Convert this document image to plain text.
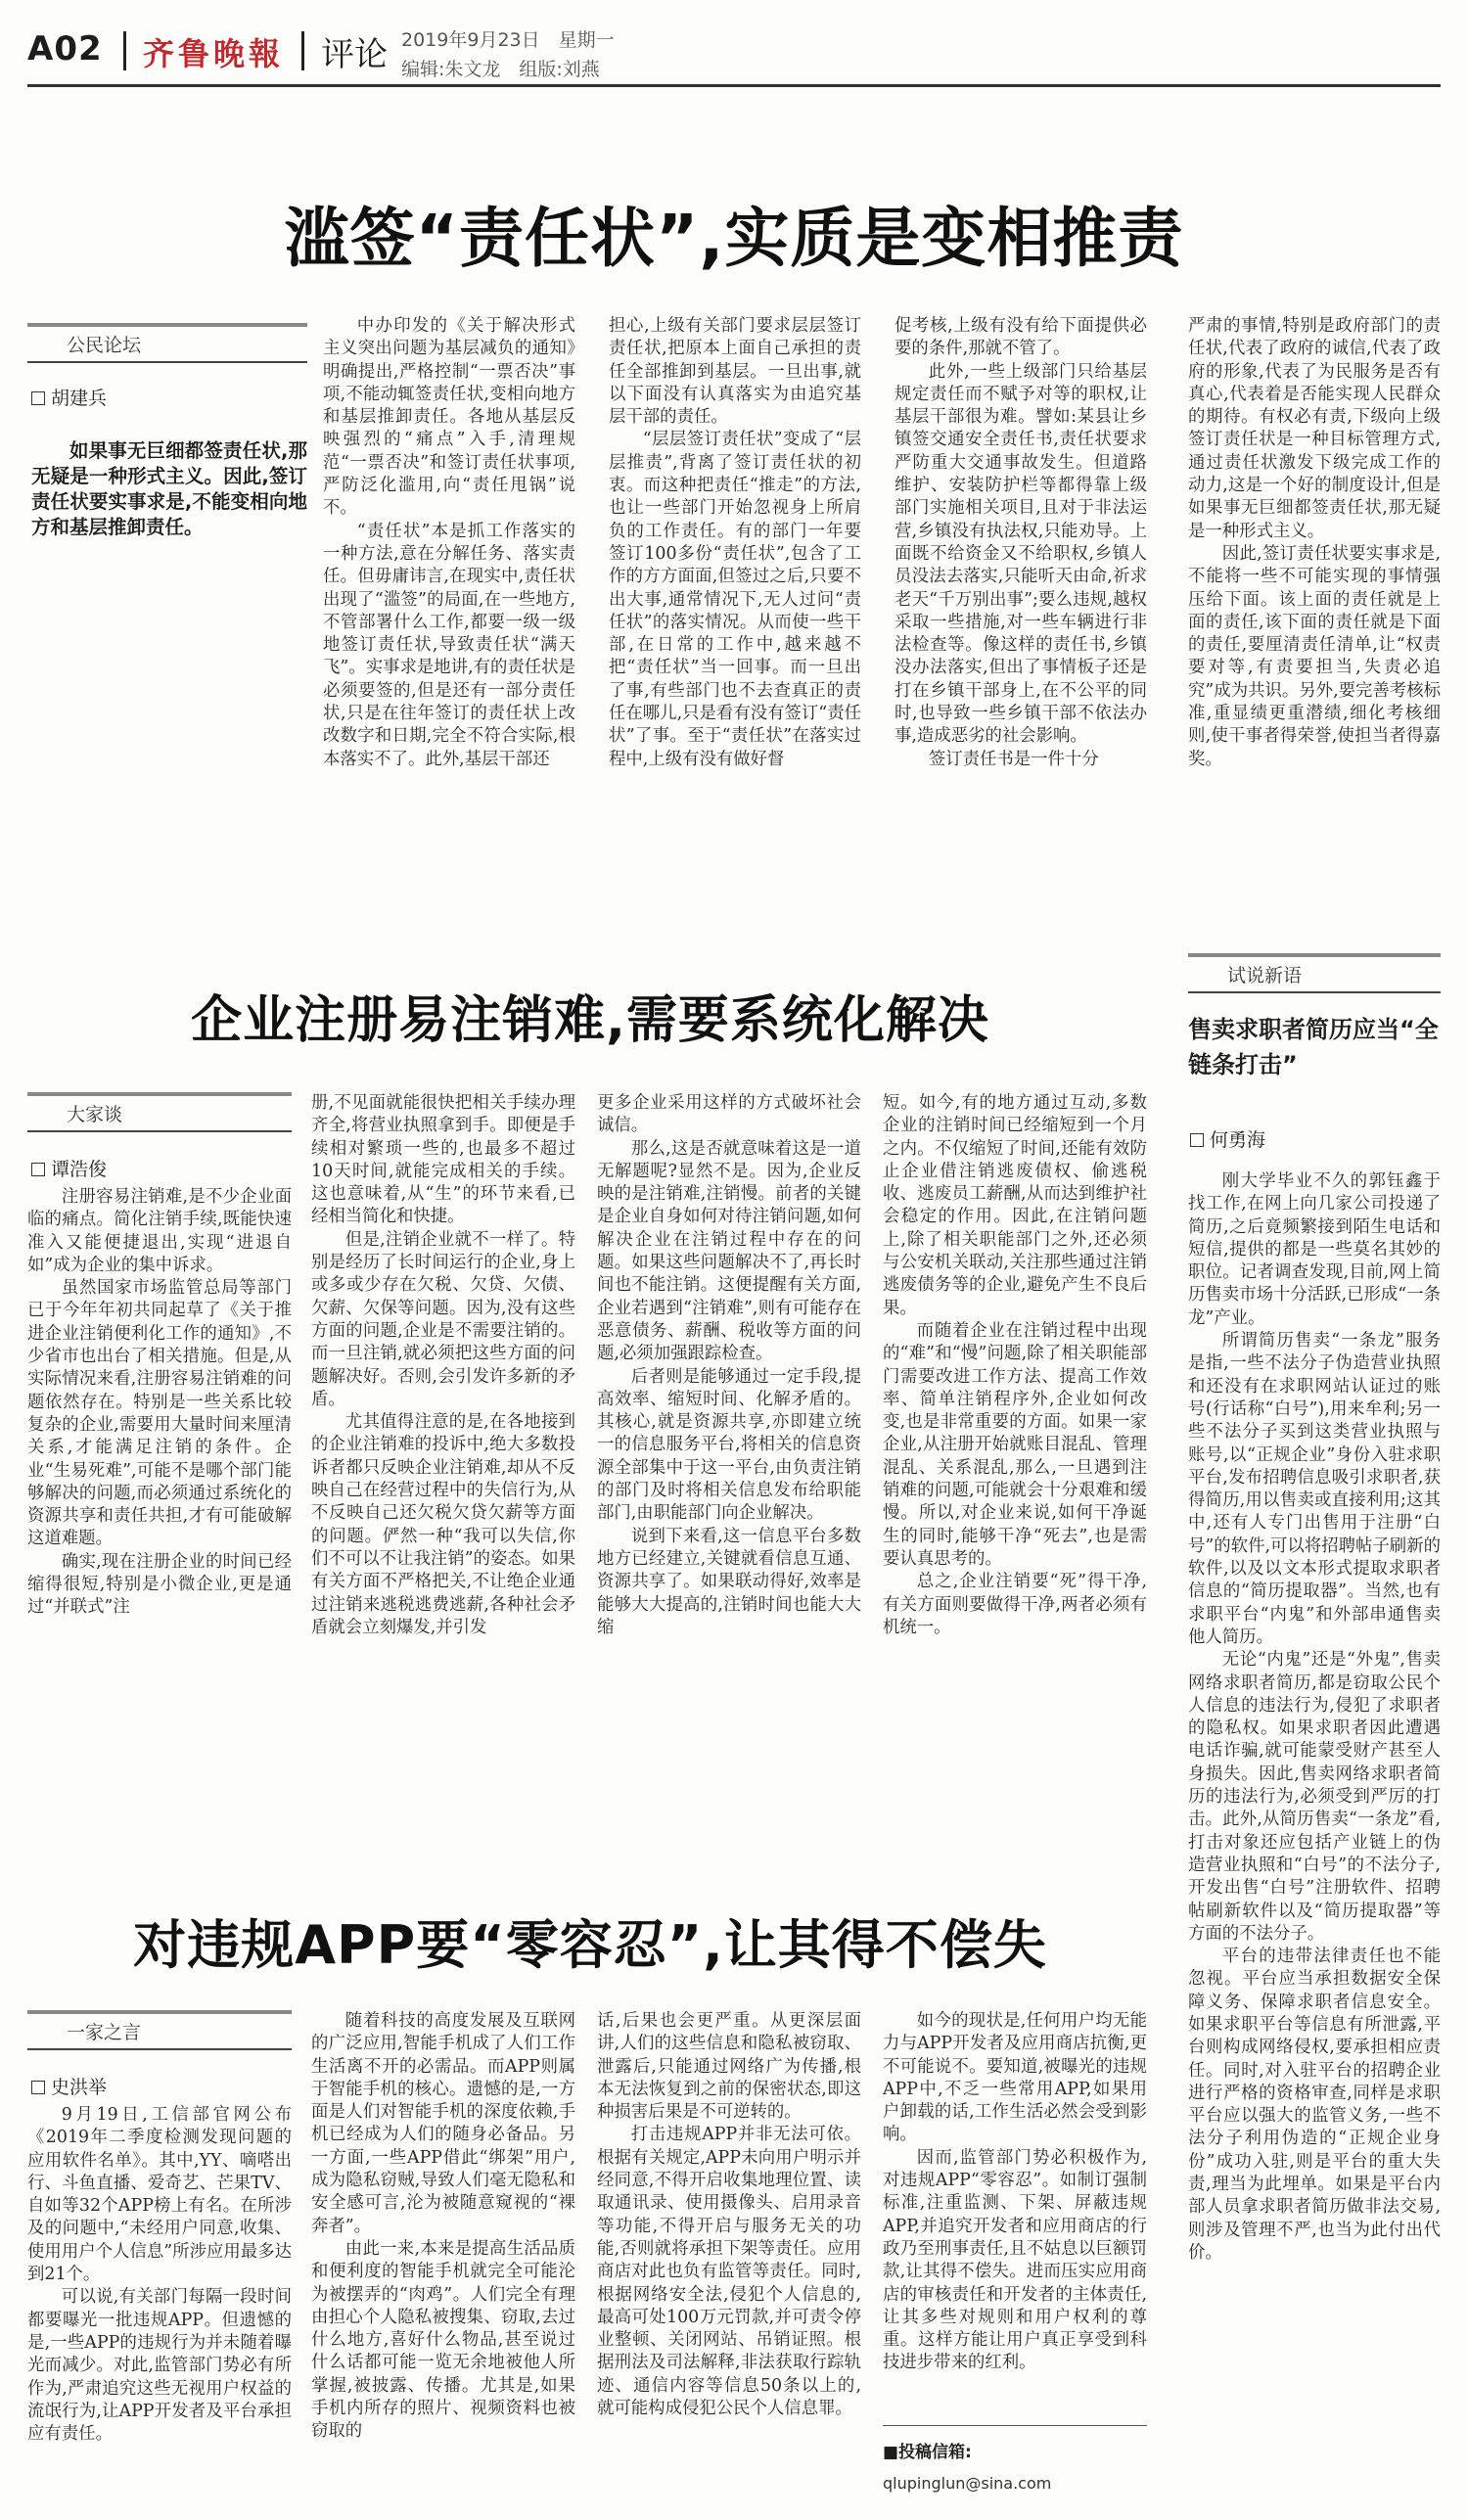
A02 齐鲁晚報 评论 2019年9月23日　星期一
编辑:朱文龙　组版:刘燕
滥签“责任状”,实质是变相推责
公民论坛
胡建兵
如果事无巨细都签责任状,那无疑是一种形式主义。因此,签订责任状要实事求是,不能变相向地方和基层推卸责任。

中办印发的《关于解决形式主义突出问题为基层减负的通知》明确提出,严格控制“一票否决”事项,不能动辄签责任状,变相向地方和基层推卸责任。各地从基层反映强烈的“痛点”入手,清理规范“一票否决”和签订责任状事项,严防泛化滥用,向“责任甩锅”说不。

“责任状”本是抓工作落实的一种方法,意在分解任务、落实责任。但毋庸讳言,在现实中,责任状出现了“滥签”的局面,在一些地方,不管部署什么工作,都要一级一级地签订责任状,导致责任状“满天飞”。实事求是地讲,有的责任状是必须要签的,但是还有一部分责任状,只是在往年签订的责任状上改改数字和日期,完全不符合实际,根本落实不了。此外,基层干部还

担心,上级有关部门要求层层签订责任状,把原本上面自己承担的责任全部推卸到基层。一旦出事,就以下面没有认真落实为由追究基层干部的责任。

“层层签订责任状”变成了“层层推责”,背离了签订责任状的初衷。而这种把责任“推走”的方法,也让一些部门开始忽视身上所肩负的工作责任。有的部门一年要签订100多份“责任状”,包含了工作的方方面面,但签过之后,只要不出大事,通常情况下,无人过问“责任状”的落实情况。从而使一些干部,在日常的工作中,越来越不把“责任状”当一回事。而一旦出了事,有些部门也不去查真正的责任在哪儿,只是看有没有签订“责任状”了事。至于“责任状”在落实过程中,上级有没有做好督

促考核,上级有没有给下面提供必要的条件,那就不管了。

此外,一些上级部门只给基层规定责任而不赋予对等的职权,让基层干部很为难。譬如:某县让乡镇签交通安全责任书,责任状要求严防重大交通事故发生。但道路维护、安装防护栏等都得靠上级部门实施相关项目,且对于非法运营,乡镇没有执法权,只能劝导。上面既不给资金又不给职权,乡镇人员没法去落实,只能听天由命,祈求老天“千万别出事”;要么违规,越权采取一些措施,对一些车辆进行非法检查等。像这样的责任书,乡镇没办法落实,但出了事情板子还是打在乡镇干部身上,在不公平的同时,也导致一些乡镇干部不依法办事,造成恶劣的社会影响。

签订责任书是一件十分

严肃的事情,特别是政府部门的责任状,代表了政府的诚信,代表了政府的形象,代表了为民服务是否有真心,代表着是否能实现人民群众的期待。有权必有责,下级向上级签订责任状是一种目标管理方式,通过责任状激发下级完成工作的动力,这是一个好的制度设计,但是如果事无巨细都签责任状,那无疑是一种形式主义。

因此,签订责任状要实事求是,不能将一些不可能实现的事情强压给下面。该上面的责任就是上面的责任,该下面的责任就是下面的责任,要厘清责任清单,让“权责要对等,有责要担当,失责必追究”成为共识。另外,要完善考核标准,重显绩更重潜绩,细化考核细则,使干事者得荣誉,使担当者得嘉奖。

试说新语
售卖求职者简历应当“全链条打击”
何勇海

刚大学毕业不久的郭钰鑫于找工作,在网上向几家公司投递了简历,之后竟频繁接到陌生电话和短信,提供的都是一些莫名其妙的职位。记者调查发现,目前,网上简历售卖市场十分活跃,已形成“一条龙”产业。

所谓简历售卖“一条龙”服务是指,一些不法分子伪造营业执照和还没有在求职网站认证过的账号(行话称“白号”),用来牟利;另一些不法分子买到这类营业执照与账号,以“正规企业”身份入驻求职平台,发布招聘信息吸引求职者,获得简历,用以售卖或直接利用;这其中,还有人专门出售用于注册“白号”的软件,可以将招聘帖子刷新的软件,以及以文本形式提取求职者信息的“简历提取器”。当然,也有求职平台“内鬼”和外部串通售卖他人简历。

无论“内鬼”还是“外鬼”,售卖网络求职者简历,都是窃取公民个人信息的违法行为,侵犯了求职者的隐私权。如果求职者因此遭遇电话诈骗,就可能蒙受财产甚至人身损失。因此,售卖网络求职者简历的违法行为,必须受到严厉的打击。此外,从简历售卖“一条龙”看,打击对象还应包括产业链上的伪造营业执照和“白号”的不法分子,开发出售“白号”注册软件、招聘帖刷新软件以及“简历提取器”等方面的不法分子。

平台的违带法律责任也不能忽视。平台应当承担数据安全保障义务、保障求职者信息安全。如果求职平台等信息有所泄露,平台则构成网络侵权,要承担相应责任。同时,对入驻平台的招聘企业进行严格的资格审查,同样是求职平台应以强大的监管义务,一些不法分子利用伪造的“正规企业身份”成功入驻,则是平台的重大失责,理当为此埋单。如果是平台内部人员拿求职者简历做非法交易,则涉及管理不严,也当为此付出代价。

企业注册易注销难,需要系统化解决
大家谈
谭浩俊

注册容易注销难,是不少企业面临的痛点。简化注销手续,既能快速准入又能便捷退出,实现“进退自如”成为企业的集中诉求。

虽然国家市场监管总局等部门已于今年年初共同起草了《关于推进企业注销便利化工作的通知》,不少省市也出台了相关措施。但是,从实际情况来看,注册容易注销难的问题依然存在。特别是一些关系比较复杂的企业,需要用大量时间来厘清关系,才能满足注销的条件。企业“生易死难”,可能不是哪个部门能够解决的问题,而必须通过系统化的资源共享和责任共担,才有可能破解这道难题。

确实,现在注册企业的时间已经缩得很短,特别是小微企业,更是通过“并联式”注

册,不见面就能很快把相关手续办理齐全,将营业执照拿到手。即便是手续相对繁琐一些的,也最多不超过10天时间,就能完成相关的手续。这也意味着,从“生”的环节来看,已经相当简化和快捷。

但是,注销企业就不一样了。特别是经历了长时间运行的企业,身上或多或少存在欠税、欠贷、欠债、欠薪、欠保等问题。因为,没有这些方面的问题,企业是不需要注销的。而一旦注销,就必须把这些方面的问题解决好。否则,会引发许多新的矛盾。

尤其值得注意的是,在各地接到的企业注销难的投诉中,绝大多数投诉者都只反映企业注销难,却从不反映自己在经营过程中的失信行为,从不反映自己还欠税欠贷欠薪等方面的问题。俨然一种“我可以失信,你们不可以不让我注销”的姿态。如果有关方面不严格把关,不让绝企业通过注销来逃税逃费逃薪,各种社会矛盾就会立刻爆发,并引发

更多企业采用这样的方式破坏社会诚信。

那么,这是否就意味着这是一道无解题呢?显然不是。因为,企业反映的是注销难,注销慢。前者的关键是企业自身如何对待注销问题,如何解决企业在注销过程中存在的问题。如果这些问题解决不了,再长时间也不能注销。这便提醒有关方面,企业若遇到“注销难”,则有可能存在恶意债务、薪酬、税收等方面的问题,必须加强跟踪检查。

后者则是能够通过一定手段,提高效率、缩短时间、化解矛盾的。其核心,就是资源共享,亦即建立统一的信息服务平台,将相关的信息资源全部集中于这一平台,由负责注销的部门及时将相关信息发布给职能部门,由职能部门向企业解决。

说到下来看,这一信息平台多数地方已经建立,关键就看信息互通、资源共享了。如果联动得好,效率是能够大大提高的,注销时间也能大大缩

短。如今,有的地方通过互动,多数企业的注销时间已经缩短到一个月之内。不仅缩短了时间,还能有效防止企业借注销逃废债权、偷逃税收、逃废员工薪酬,从而达到维护社会稳定的作用。因此,在注销问题上,除了相关职能部门之外,还必须与公安机关联动,关注那些通过注销逃废债务等的企业,避免产生不良后果。

而随着企业在注销过程中出现的“难”和“慢”问题,除了相关职能部门需要改进工作方法、提高工作效率、简单注销程序外,企业如何改变,也是非常重要的方面。如果一家企业,从注册开始就账目混乱、管理混乱、关系混乱,那么,一旦遇到注销难的问题,可能就会十分艰难和缓慢。所以,对企业来说,如何干净诞生的同时,能够干净“死去”,也是需要认真思考的。

总之,企业注销要“死”得干净,有关方面则要做得干净,两者必须有机统一。

对违规APP要“零容忍”,让其得不偿失
一家之言
史洪举

9月19日,工信部官网公布《2019年二季度检测发现问题的应用软件名单》。其中,YY、嘀嗒出行、斗鱼直播、爱奇艺、芒果TV、自如等32个APP榜上有名。在所涉及的问题中,“未经用户同意,收集、使用用户个人信息”所涉应用最多达到21个。

可以说,有关部门每隔一段时间都要曝光一批违规APP。但遗憾的是,一些APP的违规行为并未随着曝光而减少。对此,监管部门势必有所作为,严肃追究这些无视用户权益的流氓行为,让APP开发者及平台承担应有责任。

随着科技的高度发展及互联网的广泛应用,智能手机成了人们工作生活离不开的必需品。而APP则属于智能手机的核心。遗憾的是,一方面是人们对智能手机的深度依赖,手机已经成为人们的随身必备品。另一方面,一些APP借此“绑架”用户,成为隐私窃贼,导致人们毫无隐私和安全感可言,沦为被随意窥视的“裸奔者”。

由此一来,本来是提高生活品质和便利度的智能手机就完全可能沦为被摆弄的“肉鸡”。人们完全有理由担心个人隐私被搜集、窃取,去过什么地方,喜好什么物品,甚至说过什么话都可能一览无余地被他人所掌握,被披露、传播。尤其是,如果手机内所存的照片、视频资料也被窃取的

话,后果也会更严重。从更深层面讲,人们的这些信息和隐私被窃取、泄露后,只能通过网络广为传播,根本无法恢复到之前的保密状态,即这种损害后果是不可逆转的。

打击违规APP并非无法可依。根据有关规定,APP未向用户明示并经同意,不得开启收集地理位置、读取通讯录、使用摄像头、启用录音等功能,不得开启与服务无关的功能,否则就将承担下架等责任。应用商店对此也负有监管等责任。同时,根据网络安全法,侵犯个人信息的,最高可处100万元罚款,并可责令停业整顿、关闭网站、吊销证照。根据刑法及司法解释,非法获取行踪轨迹、通信内容等信息50条以上的,就可能构成侵犯公民个人信息罪。

如今的现状是,任何用户均无能力与APP开发者及应用商店抗衡,更不可能说不。要知道,被曝光的违规APP中,不乏一些常用APP,如果用户卸载的话,工作生活必然会受到影响。

因而,监管部门势必积极作为,对违规APP“零容忍”。如制订强制标准,注重监测、下架、屏蔽违规APP,并追究开发者和应用商店的行政乃至刑事责任,且不姑息以巨额罚款,让其得不偿失。进而压实应用商店的审核责任和开发者的主体责任,让其多些对规则和用户权利的尊重。这样方能让用户真正享受到科技进步带来的红利。

■投稿信箱:
qlupinglun@sina.com
